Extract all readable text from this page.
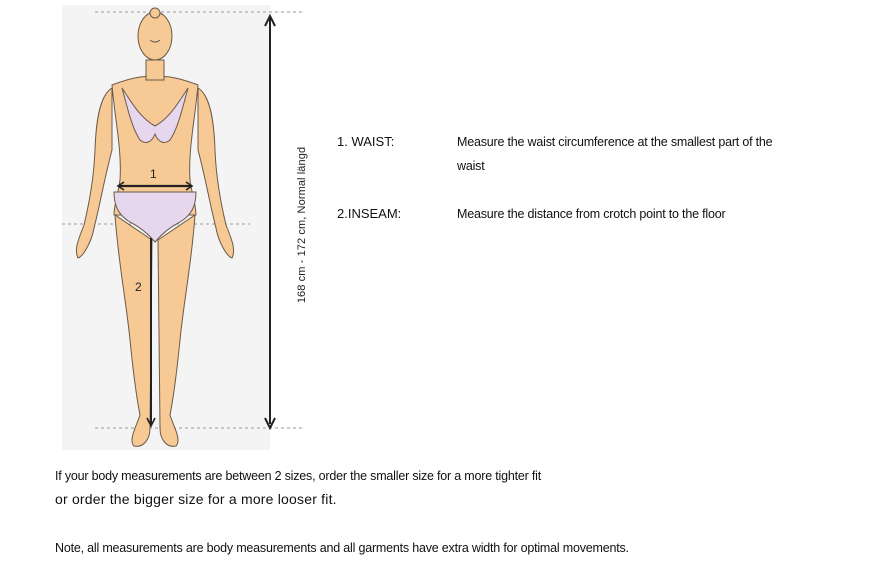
1
2	168 cm - 172 cm, Normal längd
1. WAIST:	Measure the waist circumference at the smallest part of the waist
2.INSEAM:	Measure the distance from crotch point to the floor
If your body measurements are between 2 sizes, order the smaller size for a more tighter fit
or order the bigger size for a more looser fit.
Note, all measurements are body measurements and all garments have extra width for optimal movements.
